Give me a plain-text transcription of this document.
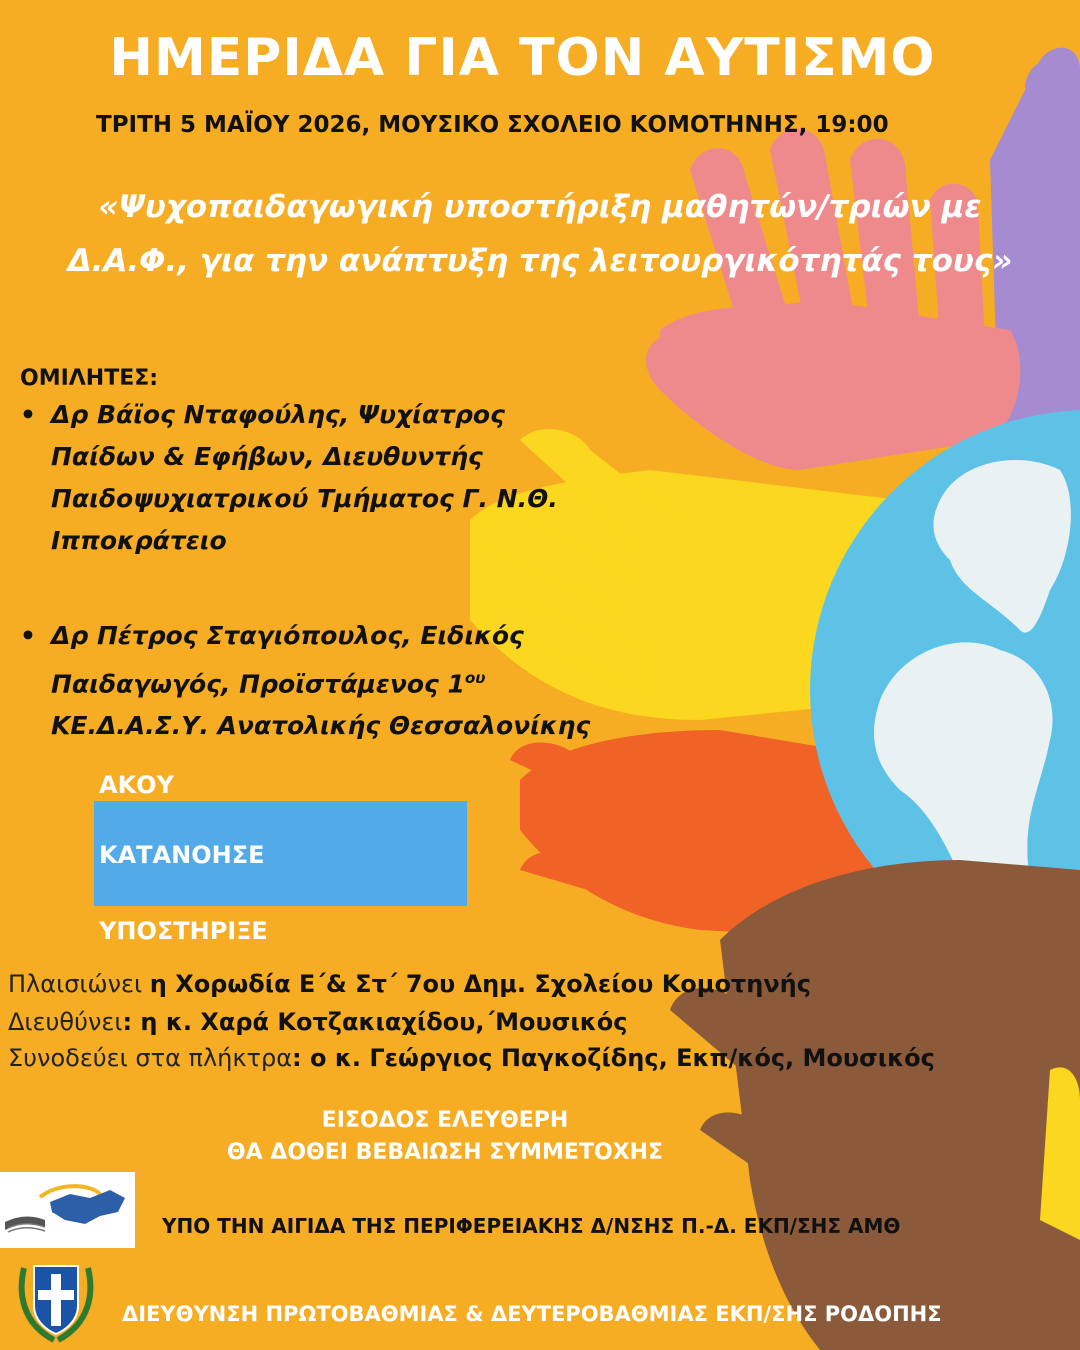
ΗΜΕΡΙΔΑ ΓΙΑ ΤΟΝ ΑΥΤΙΣΜΟ
ΤΡΙΤΗ 5 ΜΑΪΟΥ 2026, ΜΟΥΣΙΚΟ ΣΧΟΛΕΙΟ ΚΟΜΟΤΗΝΗΣ, 19:00
«Ψυχοπαιδαγωγική υποστήριξη μαθητών/τριών με
Δ.Α.Φ., για την ανάπτυξη της λειτουργικότητάς τους»
ΟΜΙΛΗΤΕΣ:
• Δρ Βάϊος Νταφούλης, Ψυχίατρος
Παίδων & Εφήβων, Διευθυντής
Παιδοψυχιατρικού Τμήματος Γ. Ν.Θ.
Ιπποκράτειο
• Δρ Πέτρος Σταγιόπουλος, Ειδικός
Παιδαγωγός, Προϊστάμενος $1^{o\upsilon}$
ΚΕ.Δ.Α.Σ.Υ. Ανατολικής Θεσσαλονίκης
ΑΚΟΥ
ΚΑΤΑΝΟΗΣΕ
ΥΠΟΣΤΗΡΙΞΕ
Πλαισιώνει η Χορωδία Ε΄& Στ΄ 7ου Δημ. Σχολείου Κομοτηνής
Διευθύνει: η κ. Χαρά Κοτζακιαχίδου,΄Μουσικός
Συνοδεύει στα πλήκτρα: ο κ. Γεώργιος Παγκοζίδης, Εκπ/κός, Μουσικός
ΕΙΣΟΔΟΣ ΕΛΕΥΘΕΡΗ
ΘΑ ΔΟΘΕΙ ΒΕΒΑΙΩΣΗ ΣΥΜΜΕΤΟΧΗΣ
ΥΠΟ ΤΗΝ ΑΙΓΙΔΑ ΤΗΣ ΠΕΡΙΦΕΡΕΙΑΚΗΣ Δ/ΝΣΗΣ Π.-Δ. ΕΚΠ/ΣΗΣ ΑΜΘ
ΔΙΕΥΘΥΝΣΗ ΠΡΩΤΟΒΑΘΜΙΑΣ & ΔΕΥΤΕΡΟΒΑΘΜΙΑΣ ΕΚΠ/ΣΗΣ ΡΟΔΟΠΗΣ
